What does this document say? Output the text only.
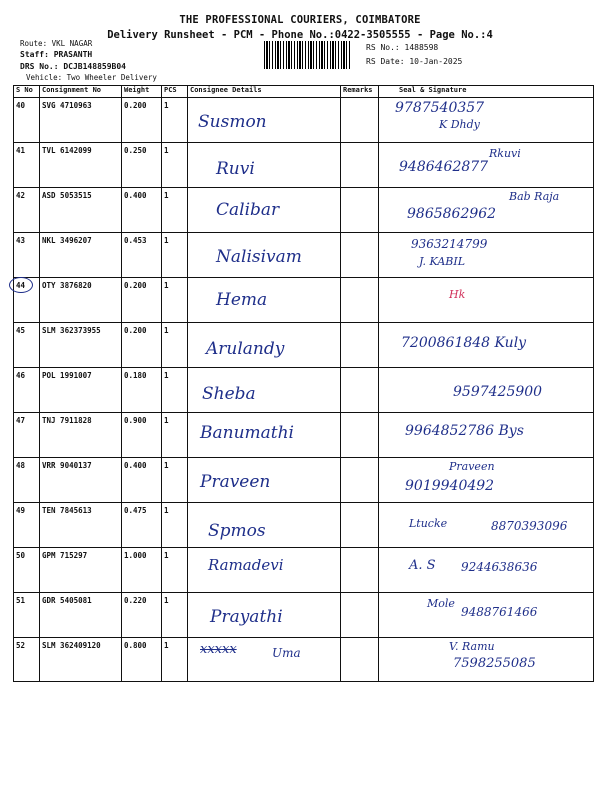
THE PROFESSIONAL COURIERS, COIMBATORE
Delivery Runsheet - PCM - Phone No.:0422-3505555 - Page No.:4
Route: VKL NAGAR
Staff: PRASANTH
DRS No.: DCJB148859B04
Vehicle: Two Wheeler Delivery
RS No.: 1488598
RS Date: 10-Jan-2025
S No	Consignment No	Weight	PCS	Consignee Details	Remarks	Seal & Signature
40	SVG 4710963	0.200	1	Susmon		9787540357
K Dhdy

41	TVL 6142099	0.250	1	Ruvi		9486462877
Rkuvi

42	ASD 5053515	0.400	1	Calibar		9865862962
Bab Raja

43	NKL 3496207	0.453	1	Nalisivam		9363214799
J. KABIL

44	OTY 3876820	0.200	1	Hema		Hk

45	SLM 362373955	0.200	1	Arulandy		7200861848 Kuly

46	POL 1991007	0.180	1	Sheba		9597425900

47	TNJ 7911828	0.900	1	Banumathi		9964852786 Bys

48	VRR 9040137	0.400	1	Praveen		9019940492
Praveen

49	TEN 7845613	0.475	1	Spmos		Ltucke 8870393096

50	GPM 715297	1.000	1	Ramadevi		A. S 9244638636

51	GDR 5405081	0.220	1	Prayathi		Mole
9488761466

52	SLM 362409120	0.800	1	xxxxx Uma		V. Ramu
7598255085
